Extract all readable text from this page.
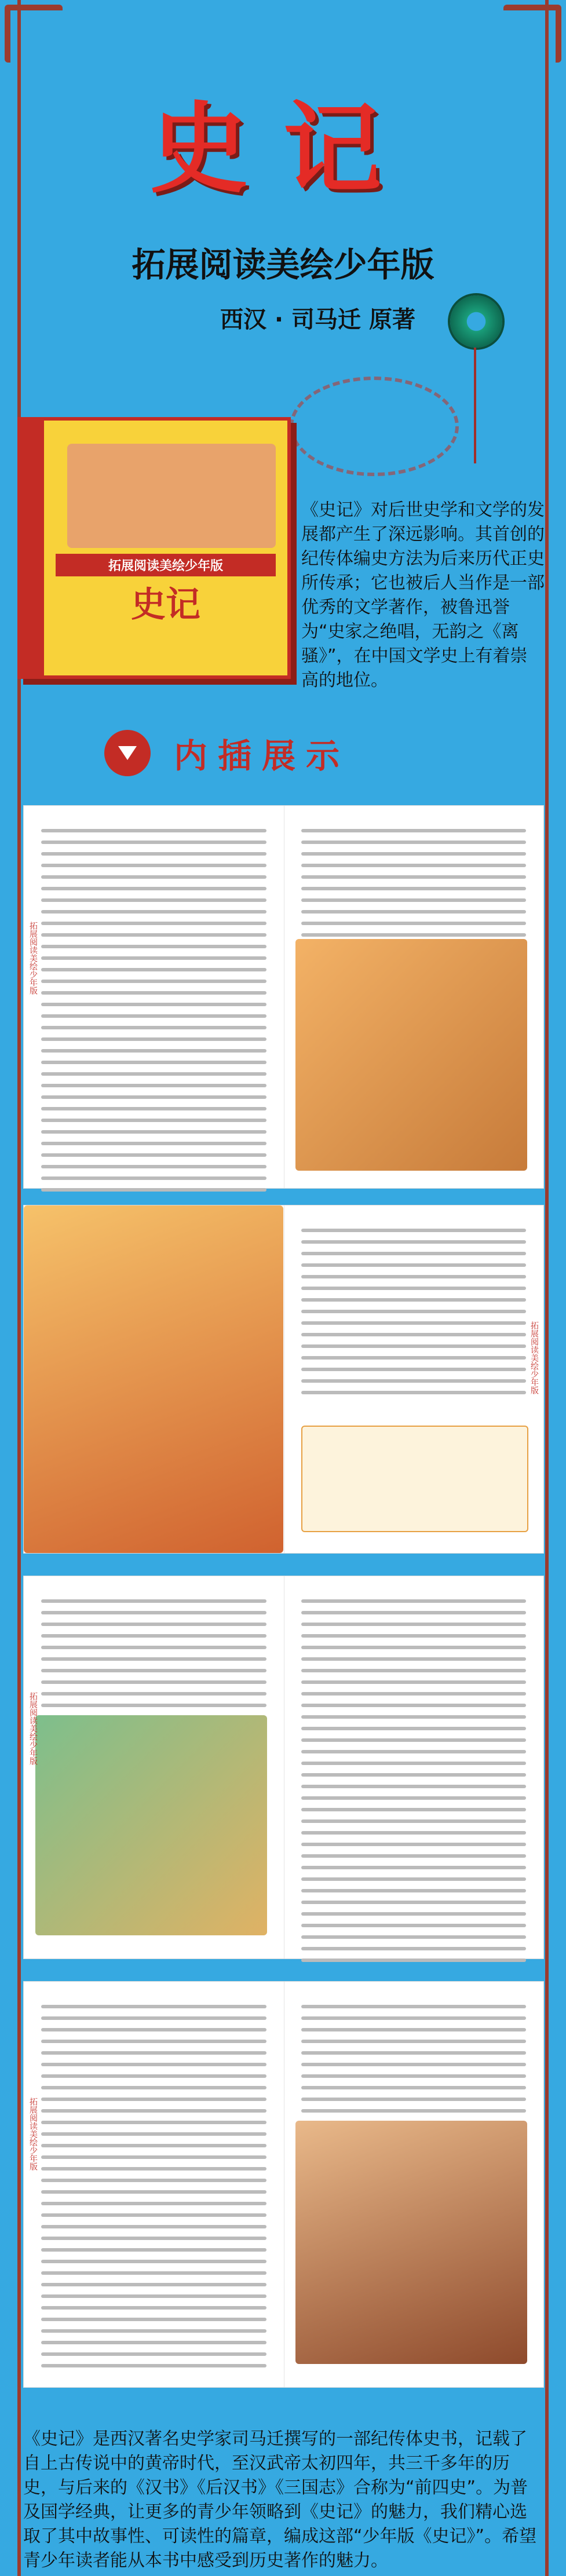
史记
拓展阅读美绘少年版
西汉 · 司马迁 原著
拓展阅读美绘少年版
史记
《史记》对后世史学和文学的发展都产生了深远影响。其首创的纪传体编史方法为后来历代正史所传承；它也被后人当作是一部优秀的文学著作，被鲁迅誉为“史家之绝唱，无韵之《离骚》”，在中国文学史上有着崇高的地位。
内插展示
拓展阅读美绘少年版
拓展阅读美绘少年版
拓展阅读美绘少年版
拓展阅读美绘少年版
《史记》是西汉著名史学家司马迁撰写的一部纪传体史书，记载了自上古传说中的黄帝时代，至汉武帝太初四年，共三千多年的历史，与后来的《汉书》《后汉书》《三国志》合称为“前四史”。为普及国学经典，让更多的青少年领略到《史记》的魅力，我们精心选取了其中故事性、可读性的篇章，编成这部“少年版《史记》”。希望青少年读者能从本书中感受到历史著作的魅力。
